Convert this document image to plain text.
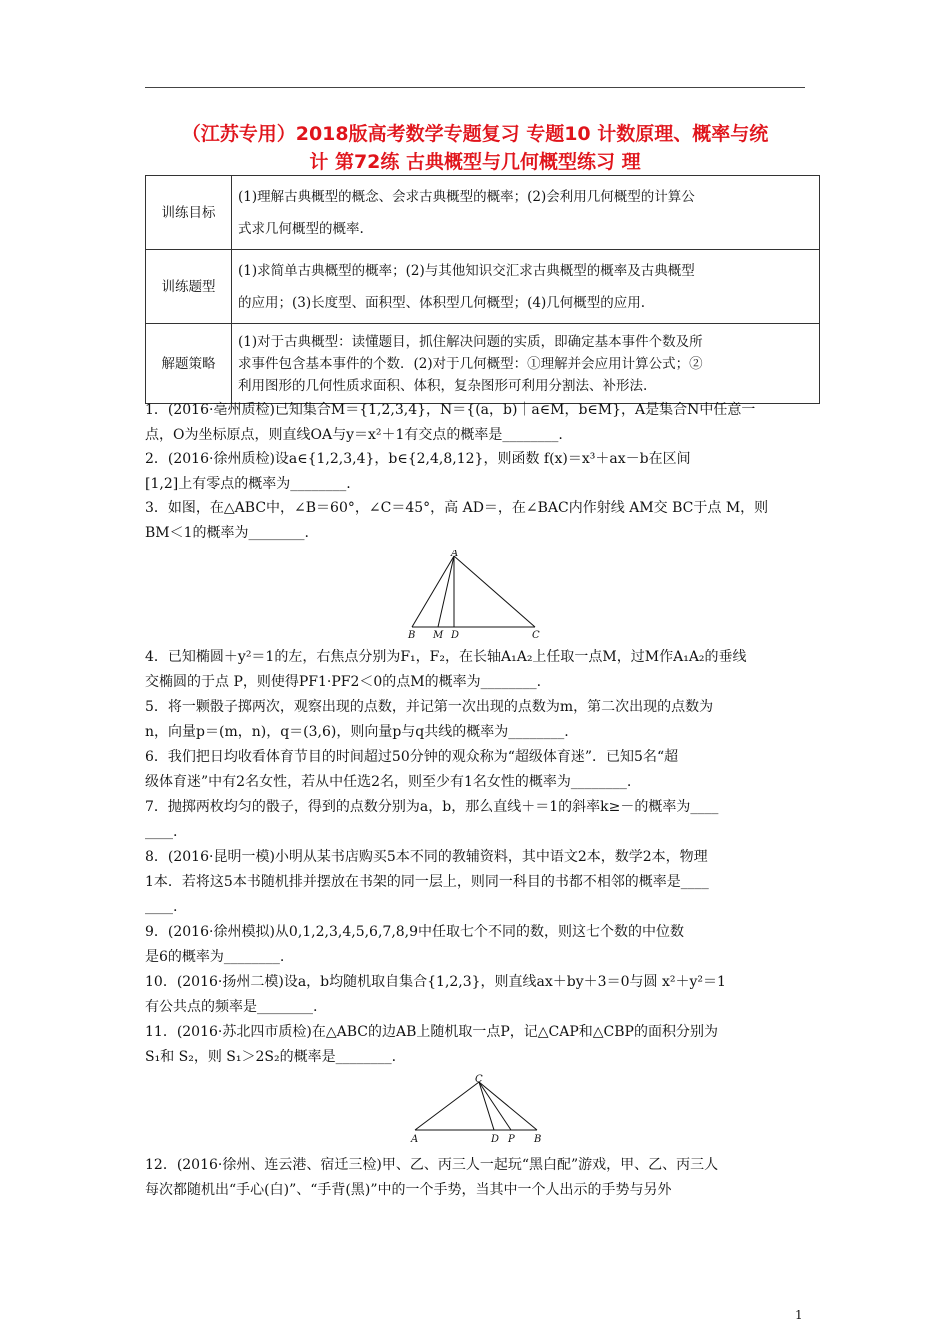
（江苏专用）2018版高考数学专题复习 专题10 计数原理、概率与统
计 第72练 古典概型与几何概型练习 理
训练目标	(1)理解古典概型的概念、会求古典概型的概率；(2)会利用几何概型的计算公
式求几何概型的概率.

训练题型	(1)求简单古典概型的概率；(2)与其他知识交汇求古典概型的概率及古典概型
的应用；(3)长度型、面积型、体积型几何概型；(4)几何概型的应用.

解题策略	(1)对于古典概型：读懂题目，抓住解决问题的实质，即确定基本事件个数及所
求事件包含基本事件的个数．(2)对于几何概型：①理解并会应用计算公式；②
利用图形的几何性质求面积、体积，复杂图形可利用分割法、补形法.

1．(2016·亳州质检)已知集合M＝{1,2,3,4}，N＝{(a，b)｜a∈M，b∈M}，A是集合N中任意一

点，O为坐标原点，则直线OA与y＝x²＋1有交点的概率是________.

2．(2016·徐州质检)设a∈{1,2,3,4}，b∈{2,4,8,12}，则函数 f(x)＝x³＋ax－b在区间

[1,2]上有零点的概率为________.

3．如图，在△ABC中，∠B＝60°，∠C＝45°，高 AD＝，在∠BAC内作射线 AM交 BC于点 M，则

BM＜1的概率为________.

A
B M D	C

4．已知椭圆＋y²＝1的左，右焦点分别为F₁，F₂，在长轴A₁A₂上任取一点M，过M作A₁A₂的垂线

交椭圆的于点 P，则使得PF1·PF2＜0的点M的概率为________.

5．将一颗骰子掷两次，观察出现的点数，并记第一次出现的点数为m，第二次出现的点数为

n，向量p＝(m，n)，q＝(3,6)，则向量p与q共线的概率为________.

6．我们把日均收看体育节目的时间超过50分钟的观众称为“超级体育迷”．已知5名“超

级体育迷”中有2名女性，若从中任选2名，则至少有1名女性的概率为________.

7．抛掷两枚均匀的骰子，得到的点数分别为a，b，那么直线＋＝1的斜率k≥－的概率为____

____.

8．(2016·昆明一模)小明从某书店购买5本不同的教辅资料，其中语文2本，数学2本，物理

1本．若将这5本书随机排并摆放在书架的同一层上，则同一科目的书都不相邻的概率是____

____.

9．(2016·徐州模拟)从0,1,2,3,4,5,6,7,8,9中任取七个不同的数，则这七个数的中位数

是6的概率为________.

10．(2016·扬州二模)设a，b均随机取自集合{1,2,3}，则直线ax＋by＋3＝0与圆 x²＋y²＝1

有公共点的频率是________.

11．(2016·苏北四市质检)在△ABC的边AB上随机取一点P，记△CAP和△CBP的面积分别为

S₁和 S₂，则 S₁＞2S₂的概率是________.

C
A	D P B

12．(2016·徐州、连云港、宿迁三检)甲、乙、丙三人一起玩“黑白配”游戏，甲、乙、丙三人

每次都随机出“手心(白)”、“手背(黑)”中的一个手势，当其中一个人出示的手势与另外

1
